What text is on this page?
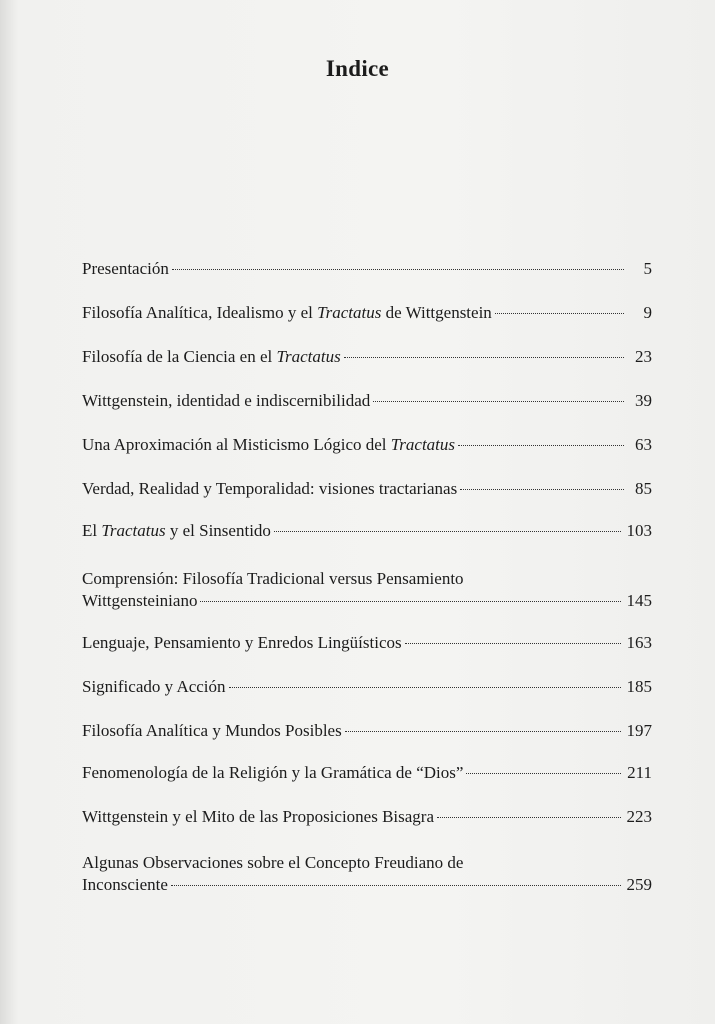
Indice
Presentación	5
Filosofía Analítica, Idealismo y el Tractatus de Wittgenstein	9
Filosofía de la Ciencia en el Tractatus	23
Wittgenstein, identidad e indiscernibilidad	39
Una Aproximación al Misticismo Lógico del Tractatus	63
Verdad, Realidad y Temporalidad: visiones tractarianas	85
El Tractatus y el Sinsentido	103
Comprensión: Filosofía Tradicional versus Pensamiento
Wittgensteiniano	145
Lenguaje, Pensamiento y Enredos Lingüísticos	163
Significado y Acción	185
Filosofía Analítica y Mundos Posibles	197
Fenomenología de la Religión y la Gramática de “Dios”	211
Wittgenstein y el Mito de las Proposiciones Bisagra	223
Algunas Observaciones sobre el Concepto Freudiano de
Inconsciente	259
